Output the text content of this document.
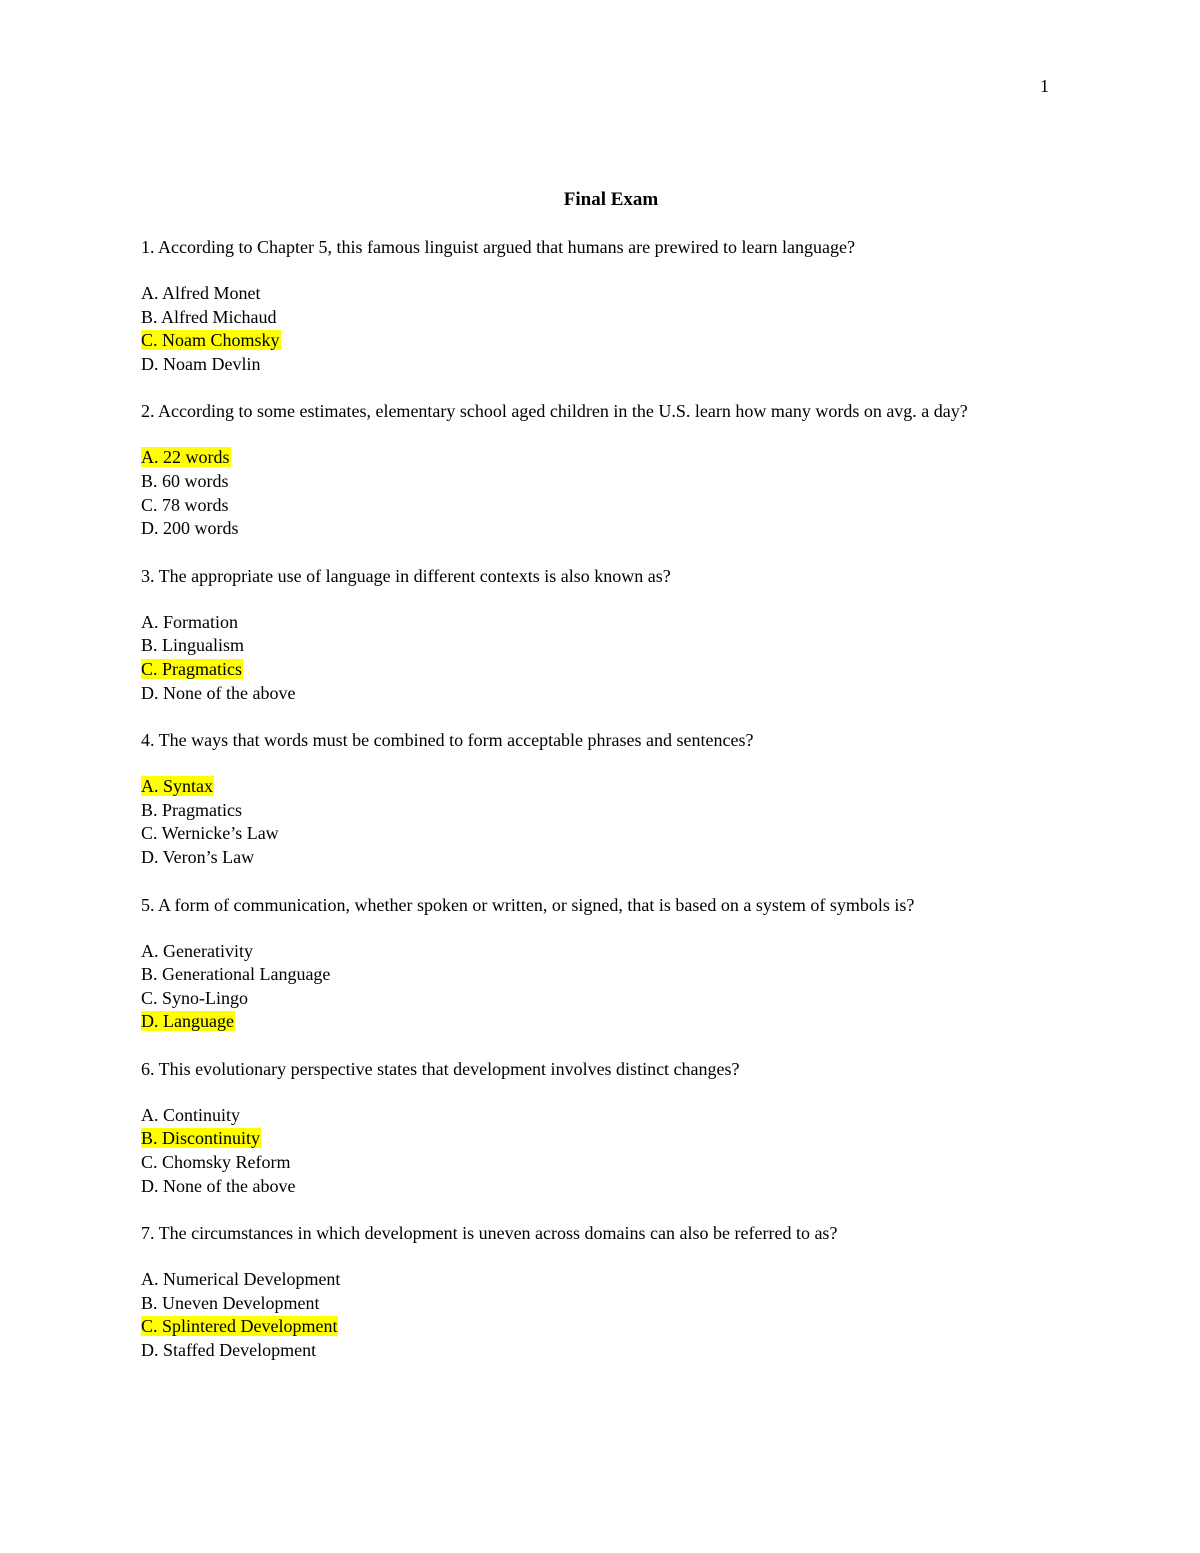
1
Final Exam
1. According to Chapter 5, this famous linguist argued that humans are prewired to learn language?
A. Alfred Monet
B. Alfred Michaud
C. Noam Chomsky
D. Noam Devlin
2. According to some estimates, elementary school aged children in the U.S. learn how many words on avg. a day?
A. 22 words
B. 60 words
C. 78 words
D. 200 words
3. The appropriate use of language in different contexts is also known as?
A. Formation
B. Lingualism
C. Pragmatics
D. None of the above
4. The ways that words must be combined to form acceptable phrases and sentences?
A. Syntax
B. Pragmatics
C. Wernicke’s Law
D. Veron’s Law
5. A form of communication, whether spoken or written, or signed, that is based on a system of symbols is?
A. Generativity
B. Generational Language
C. Syno-Lingo
D. Language
6. This evolutionary perspective states that development involves distinct changes?
A. Continuity
B. Discontinuity
C. Chomsky Reform
D. None of the above
7. The circumstances in which development is uneven across domains can also be referred to as?
A. Numerical Development
B. Uneven Development
C. Splintered Development
D. Staffed Development
